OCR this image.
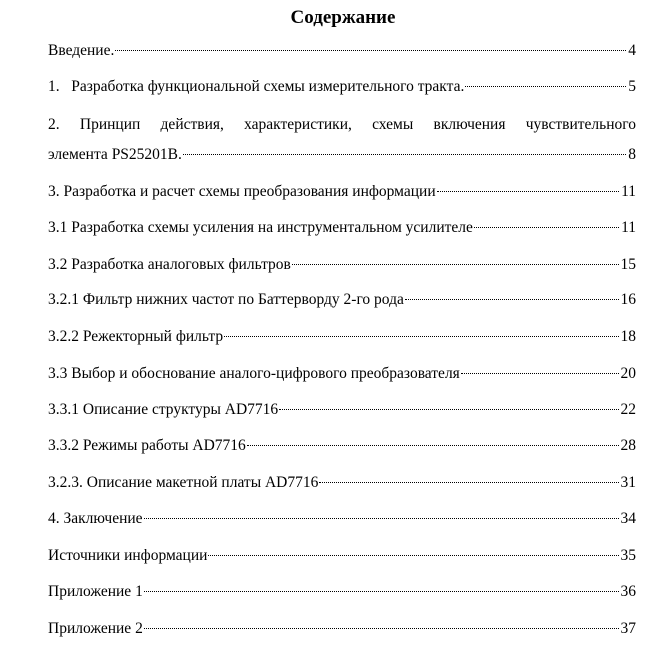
Содержание
Введение.	4
1.   Разработка функциональной схемы измерительного тракта.	5
2. Принцип действия, характеристики, схемы включения чувствительного
элемента PS25201B.	8
3. Разработка и расчет схемы преобразования информации	11
3.1 Разработка схемы усиления на инструментальном усилителе	11
3.2 Разработка аналоговых фильтров	15
3.2.1 Фильтр нижних частот по Баттерворду 2-го рода	16
3.2.2 Режекторный фильтр	18
3.3 Выбор и обоснование аналого-цифрового преобразователя	20
3.3.1 Описание структуры AD7716	22
3.3.2 Режимы работы AD7716	28
3.2.3. Описание макетной платы AD7716	31
4. Заключение	34
Источники информации	35
Приложение 1	36
Приложение 2	37
